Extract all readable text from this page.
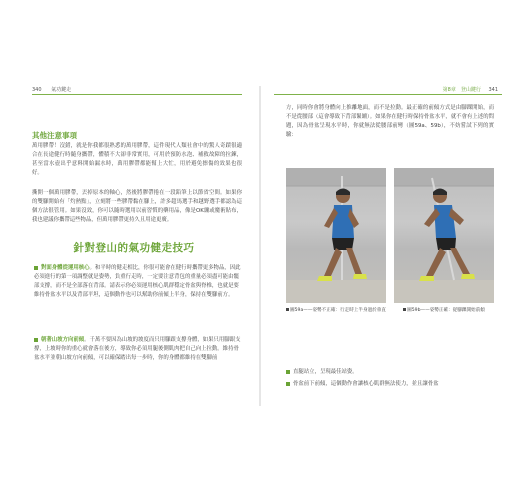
340 氣功鍵走
其他注意事項

萬用膠帶！沒錯，就是你我都很熟悉的萬用膠帶，這件現代人類社會中的驚人奇蹟很適合在長途健行時隨身攜帶，體積不大卻非常實用，可用於預防水泡、補救故障的拉鍊，甚至當水壺出乎意料開始漏水時，萬用膠帶都能幫上大忙，用於避免擦傷的效果也很好。

撕開一個萬用膠帶，丟掉原本的軸心，然後將膠帶捲在一段鉛筆上以節省空間。如果你的雙腳開始有「灼熱點」，立刻將一些膠帶黏在腳上，許多超馬選手和越野選手都認為這個方法很管用。如果沒效，你可以隨時選用以前習慣的藥用品，像是OK繃或魔術貼布，我也建議你攜帶這些物品，但萬用膠帶更持久且用途更廣。

針對登山的氣功健走技巧

對面身體從運用核心。和平時的健走相比，你很可能會在健行時攜帶更多物品，因此必須進行的第一項調整就是姿勢，負重行走時，一定要注意背包的重量必須盡可能由髖部支撐，而不是全部落在背部。請表示你必須運用核心肌群穩定骨盆與脊椎，也就是要維持骨盆水平以及背部平坦，這個動作也可以幫助你前傾上半身，保持在雙腳前方。

朝著山坡方向前傾。千萬不要因為山坡的坡度而只用腳跟支撐身體，如果只用腳跟支撐，上坡時你的重心就會落在後方，導致你必須用腿後側肌肉把自己向上拉動。維持骨盆水平並朝山坡方向前傾，可以確保踏出每一步時，你的身體都維持在雙腳前

第8章　登山鍵行 341

方，同時你會將身體向上推離地面，而不是拉動。最正確的前傾方式是由腳踝開始，而不是從腰部（這會導致下背部緊繃）。如果你在健行時保持骨盆水平，就不會有上述的問題，因為骨盆呈現水平時，你就無法從腰部前彎（圖59a、59b），不妨嘗試下列的實驗：

圖59a——姿勢不正確：行走時上半身過於垂直	圖59b——姿勢正確：從腳踝開始前傾
直腿站立，呈現最佳站姿。
骨盆前下前傾，這個動作會讓核心肌群無法使力，並且讓骨盆
